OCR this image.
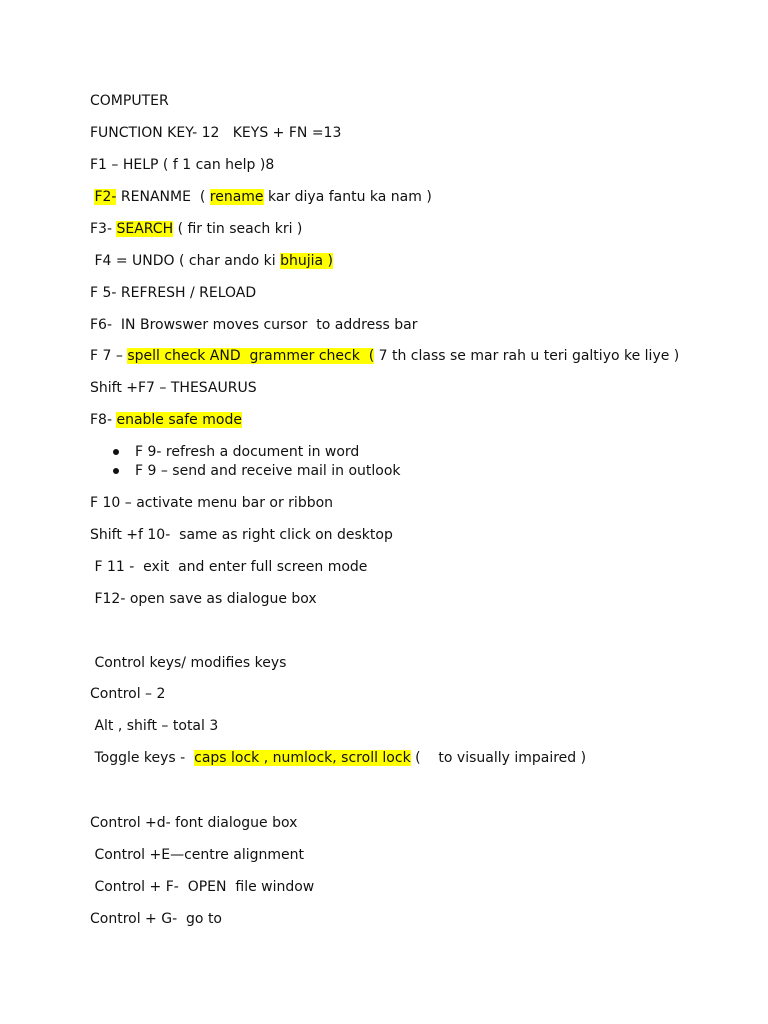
COMPUTER
FUNCTION KEY- 12   KEYS + FN =13
F1 – HELP ( f 1 can help )8
F2- RENANME  ( rename kar diya fantu ka nam )
F3- SEARCH ( fir tin seach kri )
F4 = UNDO ( char ando ki bhujia )
F 5- REFRESH / RELOAD
F6-  IN Browswer moves cursor  to address bar
F 7 – spell check AND  grammer check  ( 7 th class se mar rah u teri galtiyo ke liye )
Shift +F7 – THESAURUS
F8- enable safe mode
F 9- refresh a document in word
F 9 – send and receive mail in outlook
F 10 – activate menu bar or ribbon
Shift +f 10-  same as right click on desktop
F 11 -  exit  and enter full screen mode
F12- open save as dialogue box
Control keys/ modifies keys
Control – 2
Alt , shift – total 3
Toggle keys -  caps lock , numlock, scroll lock (    to visually impaired )
Control +d- font dialogue box
Control +E—centre alignment
Control + F-  OPEN  file window
Control + G-  go to
